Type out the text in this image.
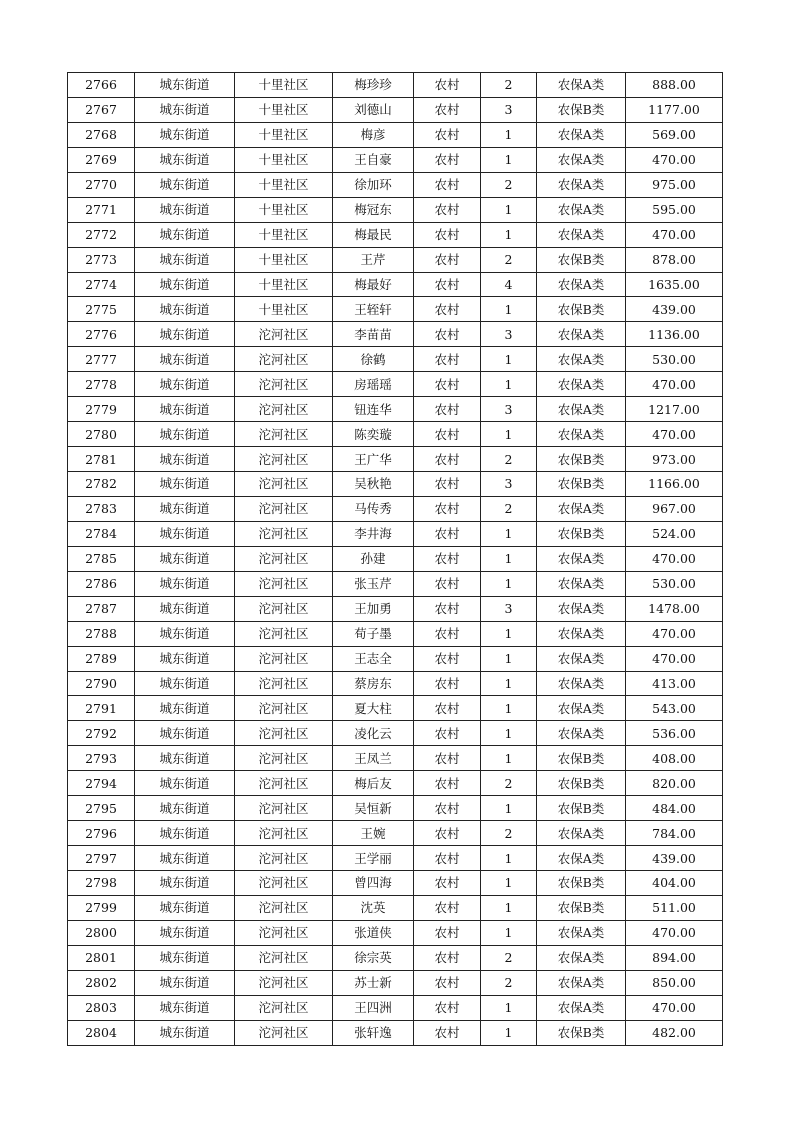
2766	城东街道	十里社区	梅珍珍	农村	2	农保A类	888.00
2767	城东街道	十里社区	刘德山	农村	3	农保B类	1177.00
2768	城东街道	十里社区	梅彦	农村	1	农保A类	569.00
2769	城东街道	十里社区	王自豪	农村	1	农保A类	470.00
2770	城东街道	十里社区	徐加环	农村	2	农保A类	975.00
2771	城东街道	十里社区	梅冠东	农村	1	农保A类	595.00
2772	城东街道	十里社区	梅最民	农村	1	农保A类	470.00
2773	城东街道	十里社区	王芹	农村	2	农保B类	878.00
2774	城东街道	十里社区	梅最好	农村	4	农保A类	1635.00
2775	城东街道	十里社区	王轾轩	农村	1	农保B类	439.00
2776	城东街道	沱河社区	李苗苗	农村	3	农保A类	1136.00
2777	城东街道	沱河社区	徐鹤	农村	1	农保A类	530.00
2778	城东街道	沱河社区	房瑶瑶	农村	1	农保A类	470.00
2779	城东街道	沱河社区	钮连华	农村	3	农保A类	1217.00
2780	城东街道	沱河社区	陈奕璇	农村	1	农保A类	470.00
2781	城东街道	沱河社区	王广华	农村	2	农保B类	973.00
2782	城东街道	沱河社区	吴秋艳	农村	3	农保B类	1166.00
2783	城东街道	沱河社区	马传秀	农村	2	农保A类	967.00
2784	城东街道	沱河社区	李井海	农村	1	农保B类	524.00
2785	城东街道	沱河社区	孙建	农村	1	农保A类	470.00
2786	城东街道	沱河社区	张玉芹	农村	1	农保A类	530.00
2787	城东街道	沱河社区	王加勇	农村	3	农保A类	1478.00
2788	城东街道	沱河社区	荀子墨	农村	1	农保A类	470.00
2789	城东街道	沱河社区	王志全	农村	1	农保A类	470.00
2790	城东街道	沱河社区	蔡房东	农村	1	农保A类	413.00
2791	城东街道	沱河社区	夏大柱	农村	1	农保A类	543.00
2792	城东街道	沱河社区	凌化云	农村	1	农保A类	536.00
2793	城东街道	沱河社区	王凤兰	农村	1	农保B类	408.00
2794	城东街道	沱河社区	梅后友	农村	2	农保B类	820.00
2795	城东街道	沱河社区	吴恒新	农村	1	农保B类	484.00
2796	城东街道	沱河社区	王婉	农村	2	农保A类	784.00
2797	城东街道	沱河社区	王学丽	农村	1	农保A类	439.00
2798	城东街道	沱河社区	曾四海	农村	1	农保B类	404.00
2799	城东街道	沱河社区	沈英	农村	1	农保B类	511.00
2800	城东街道	沱河社区	张道侠	农村	1	农保A类	470.00
2801	城东街道	沱河社区	徐宗英	农村	2	农保A类	894.00
2802	城东街道	沱河社区	苏士新	农村	2	农保A类	850.00
2803	城东街道	沱河社区	王四洲	农村	1	农保A类	470.00
2804	城东街道	沱河社区	张轩逸	农村	1	农保B类	482.00
